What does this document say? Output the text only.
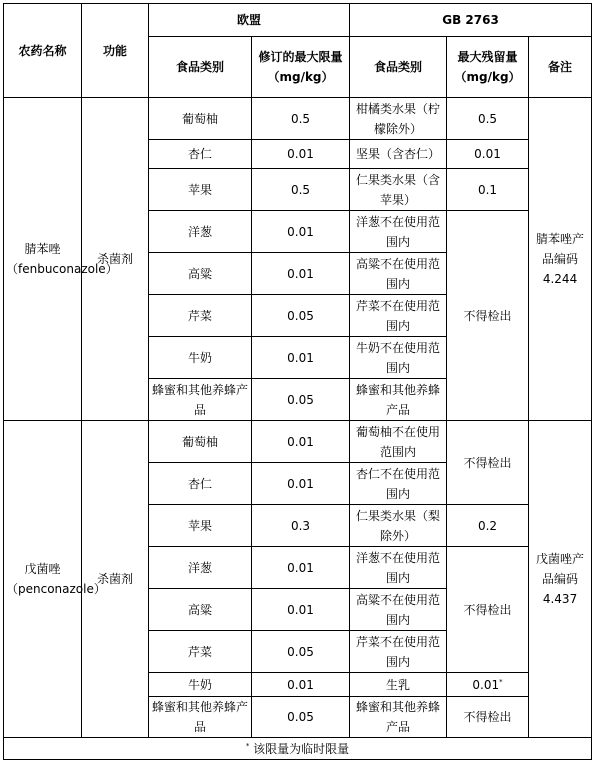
农药名称	功能	欧盟		GB 2763		
		食品类别	修订的最大限量（mg/kg）	食品类别	最大残留量（mg/kg）	备注
腈苯唑（fenbuconazole）	杀菌剂	葡萄柚	0.5	柑橘类水果（柠檬除外）	0.5	腈苯唑产品编码 4.244
		杏仁	0.01	坚果（含杏仁）	0.01	
		苹果	0.5	仁果类水果（含苹果）	0.1	
		洋葱	0.01	洋葱不在使用范围内	不得检出	
		高粱	0.01	高粱不在使用范围内		
		芹菜	0.05	芹菜不在使用范围内		
		牛奶	0.01	牛奶不在使用范围内		
		蜂蜜和其他养蜂产品	0.05	蜂蜜和其他养蜂产品		
戊菌唑（penconazole）	杀菌剂	葡萄柚	0.01	葡萄柚不在使用范围内	不得检出	戊菌唑产品编码 4.437
		杏仁	0.01	杏仁不在使用范围内		
		苹果	0.3	仁果类水果（梨除外）	0.2	
		洋葱	0.01	洋葱不在使用范围内	不得检出	
		高粱	0.01	高粱不在使用范围内		
		芹菜	0.05	芹菜不在使用范围内		
		牛奶	0.01	生乳	0.01*
		蜂蜜和其他养蜂产品	0.05	蜂蜜和其他养蜂产品	不得检出	
* 该限量为临时限量						
